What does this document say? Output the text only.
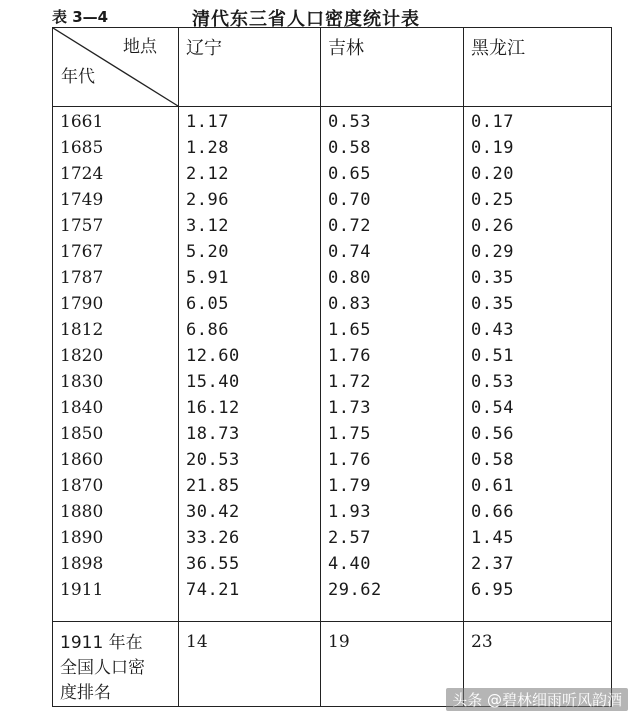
表 3—4	清代东三省人口密度统计表
地点
年代
辽宁	吉林	黑龙江
1661	1.17	0.53	0.17
1685	1.28	0.58	0.19
1724	2.12	0.65	0.20
1749	2.96	0.70	0.25
1757	3.12	0.72	0.26
1767	5.20	0.74	0.29
1787	5.91	0.80	0.35
1790	6.05	0.83	0.35
1812	6.86	1.65	0.43
1820	12.60	1.76	0.51
1830	15.40	1.72	0.53
1840	16.12	1.73	0.54
1850	18.73	1.75	0.56
1860	20.53	1.76	0.58
1870	21.85	1.79	0.61
1880	30.42	1.93	0.66
1890	33.26	2.57	1.45
1898	36.55	4.40	2.37
1911	74.21	29.62	6.95
1911 年在
全国人口密
度排名
14	19	23
头条 @碧林细雨听风韵酒
